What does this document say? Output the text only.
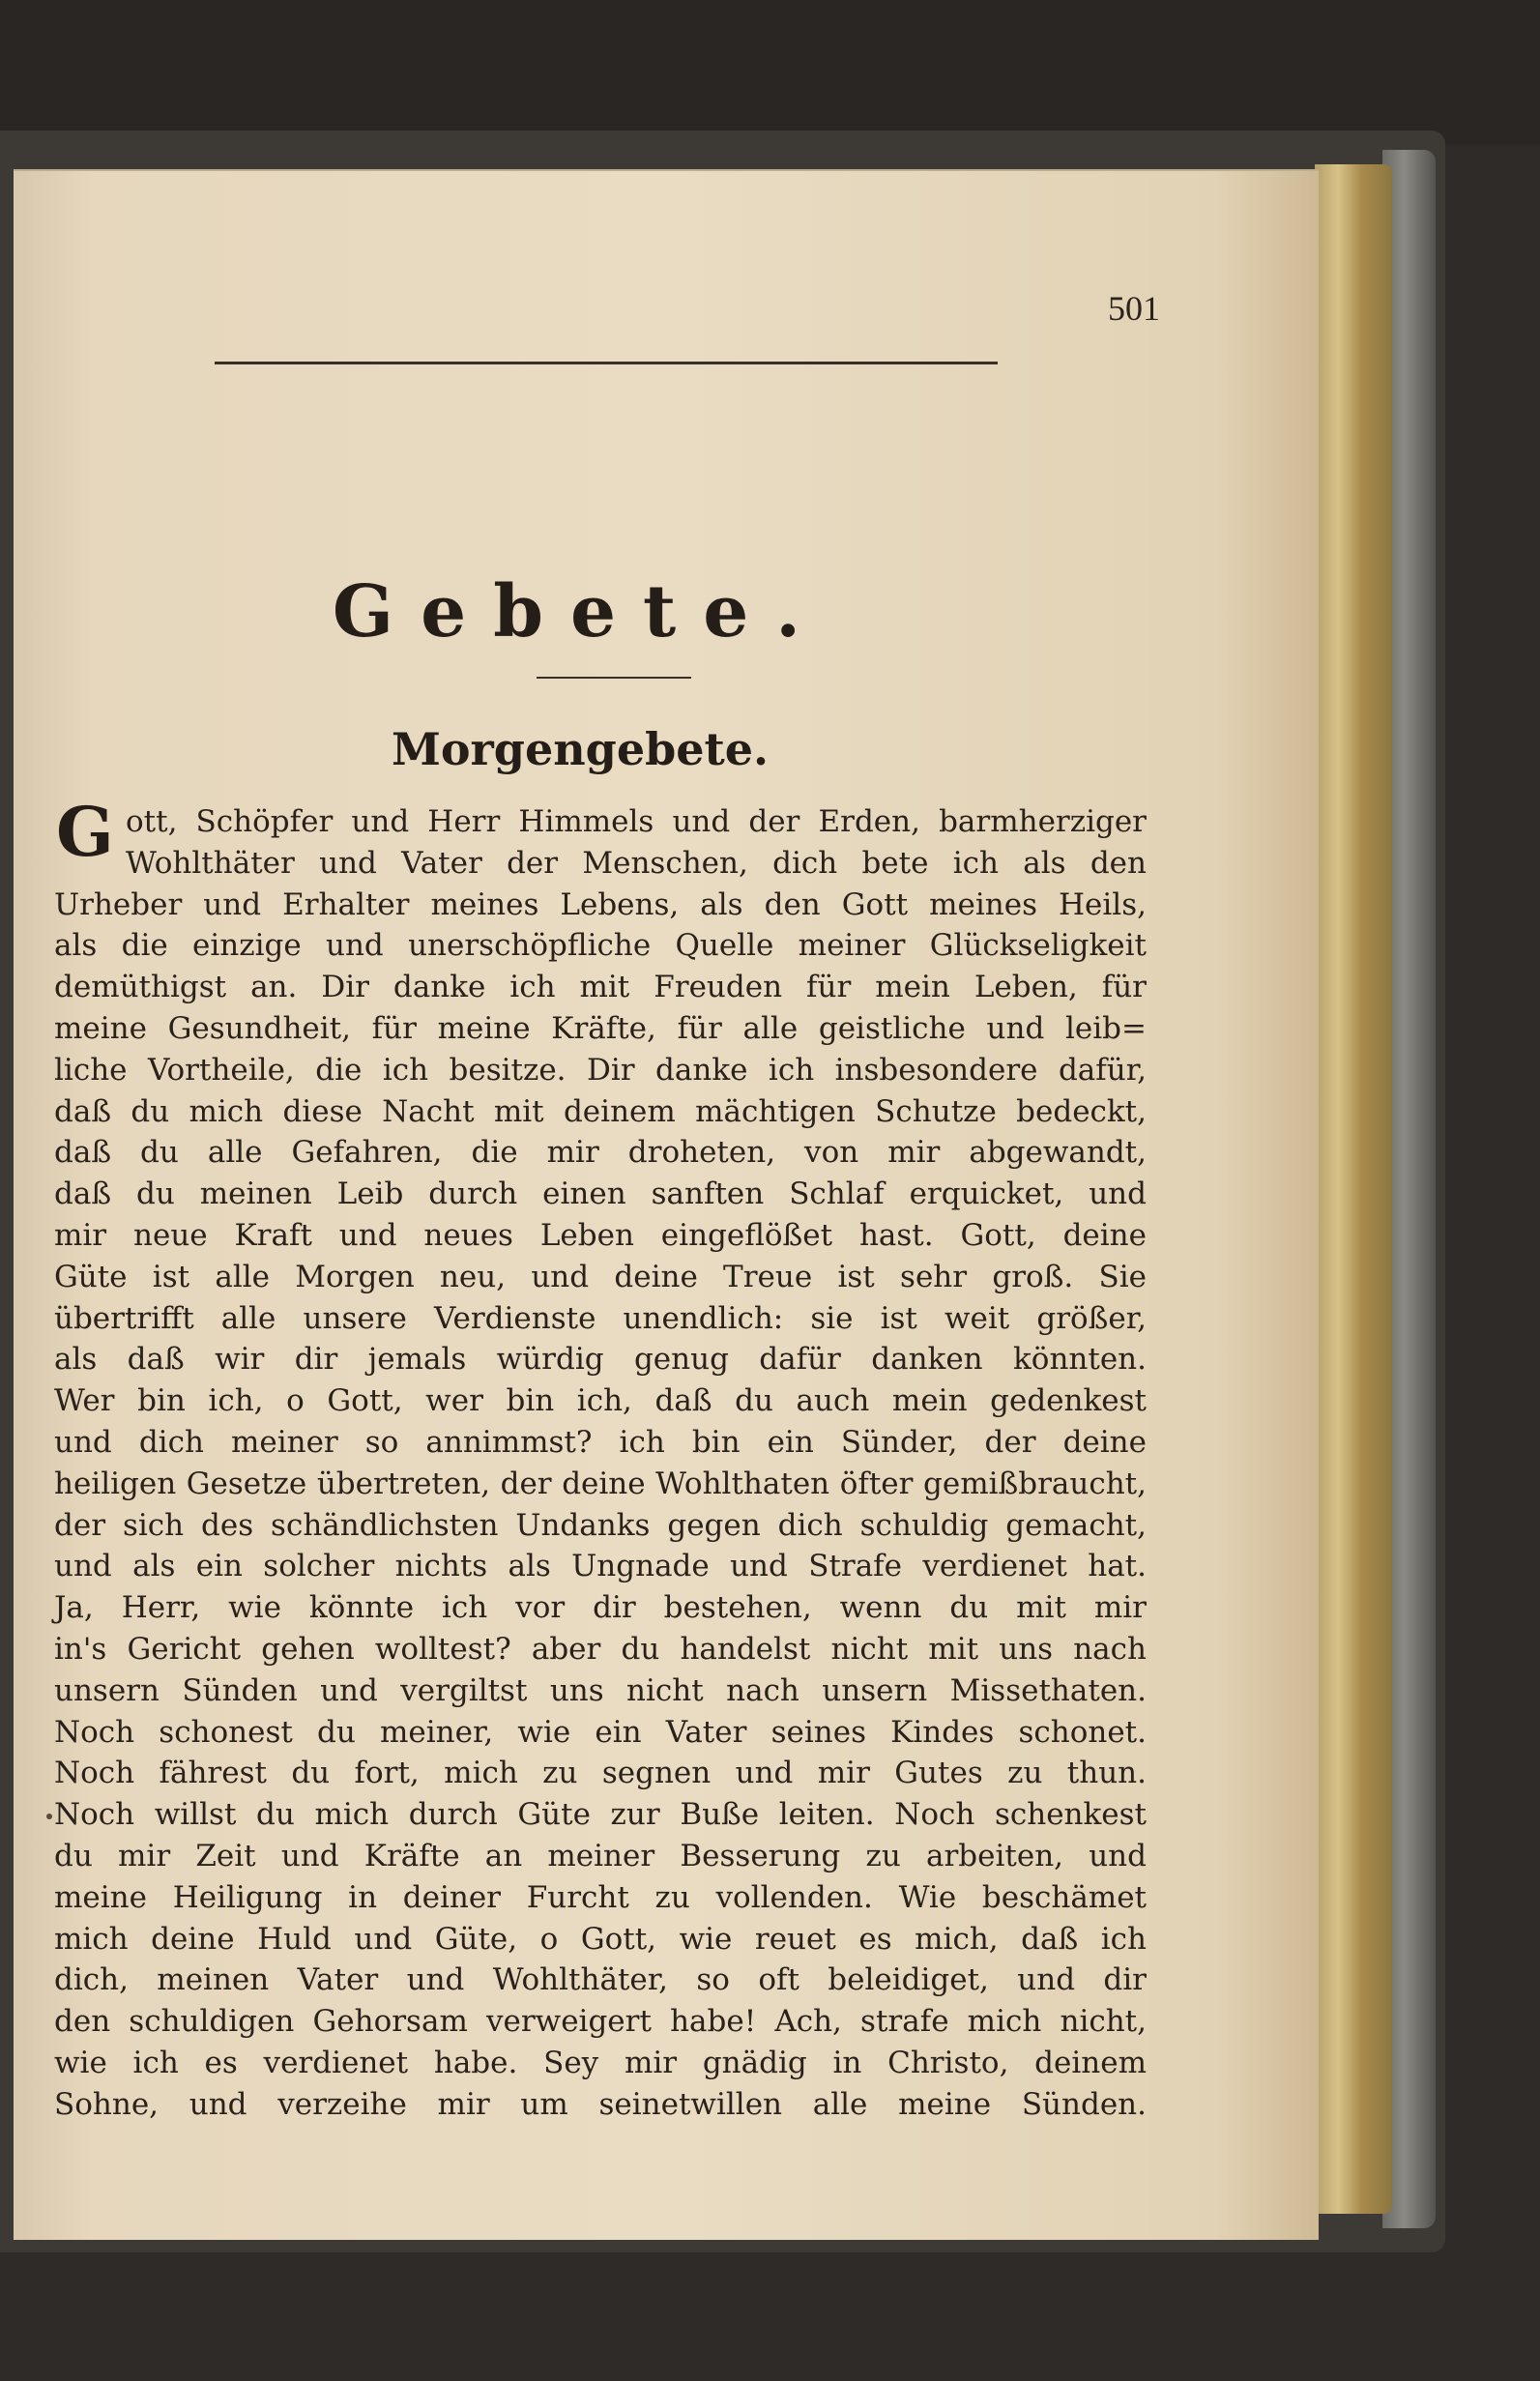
501
Gebete.
Morgengebete.
G ott, Schöpfer und Herr Himmels und der Erden, barmherziger
Wohlthäter und Vater der Menschen, dich bete ich als den
Urheber und Erhalter meines Lebens, als den Gott meines Heils,
als die einzige und unerschöpfliche Quelle meiner Glückseligkeit
demüthigst an. Dir danke ich mit Freuden für mein Leben, für
meine Gesundheit, für meine Kräfte, für alle geistliche und leib=
liche Vortheile, die ich besitze. Dir danke ich insbesondere dafür,
daß du mich diese Nacht mit deinem mächtigen Schutze bedeckt,
daß du alle Gefahren, die mir droheten, von mir abgewandt,
daß du meinen Leib durch einen sanften Schlaf erquicket, und
mir neue Kraft und neues Leben eingeflößet hast. Gott, deine
Güte ist alle Morgen neu, und deine Treue ist sehr groß. Sie
übertrifft alle unsere Verdienste unendlich: sie ist weit größer,
als daß wir dir jemals würdig genug dafür danken könnten.
Wer bin ich, o Gott, wer bin ich, daß du auch mein gedenkest
und dich meiner so annimmst? ich bin ein Sünder, der deine
heiligen Gesetze übertreten, der deine Wohlthaten öfter gemißbraucht,
der sich des schändlichsten Undanks gegen dich schuldig gemacht,
und als ein solcher nichts als Ungnade und Strafe verdienet hat.
Ja, Herr, wie könnte ich vor dir bestehen, wenn du mit mir
in's Gericht gehen wolltest? aber du handelst nicht mit uns nach
unsern Sünden und vergiltst uns nicht nach unsern Missethaten.
Noch schonest du meiner, wie ein Vater seines Kindes schonet.
Noch fährest du fort, mich zu segnen und mir Gutes zu thun.
Noch willst du mich durch Güte zur Buße leiten. Noch schenkest
du mir Zeit und Kräfte an meiner Besserung zu arbeiten, und
meine Heiligung in deiner Furcht zu vollenden. Wie beschämet
mich deine Huld und Güte, o Gott, wie reuet es mich, daß ich
dich, meinen Vater und Wohlthäter, so oft beleidiget, und dir
den schuldigen Gehorsam verweigert habe! Ach, strafe mich nicht,
wie ich es verdienet habe. Sey mir gnädig in Christo, deinem
Sohne, und verzeihe mir um seinetwillen alle meine Sünden.
